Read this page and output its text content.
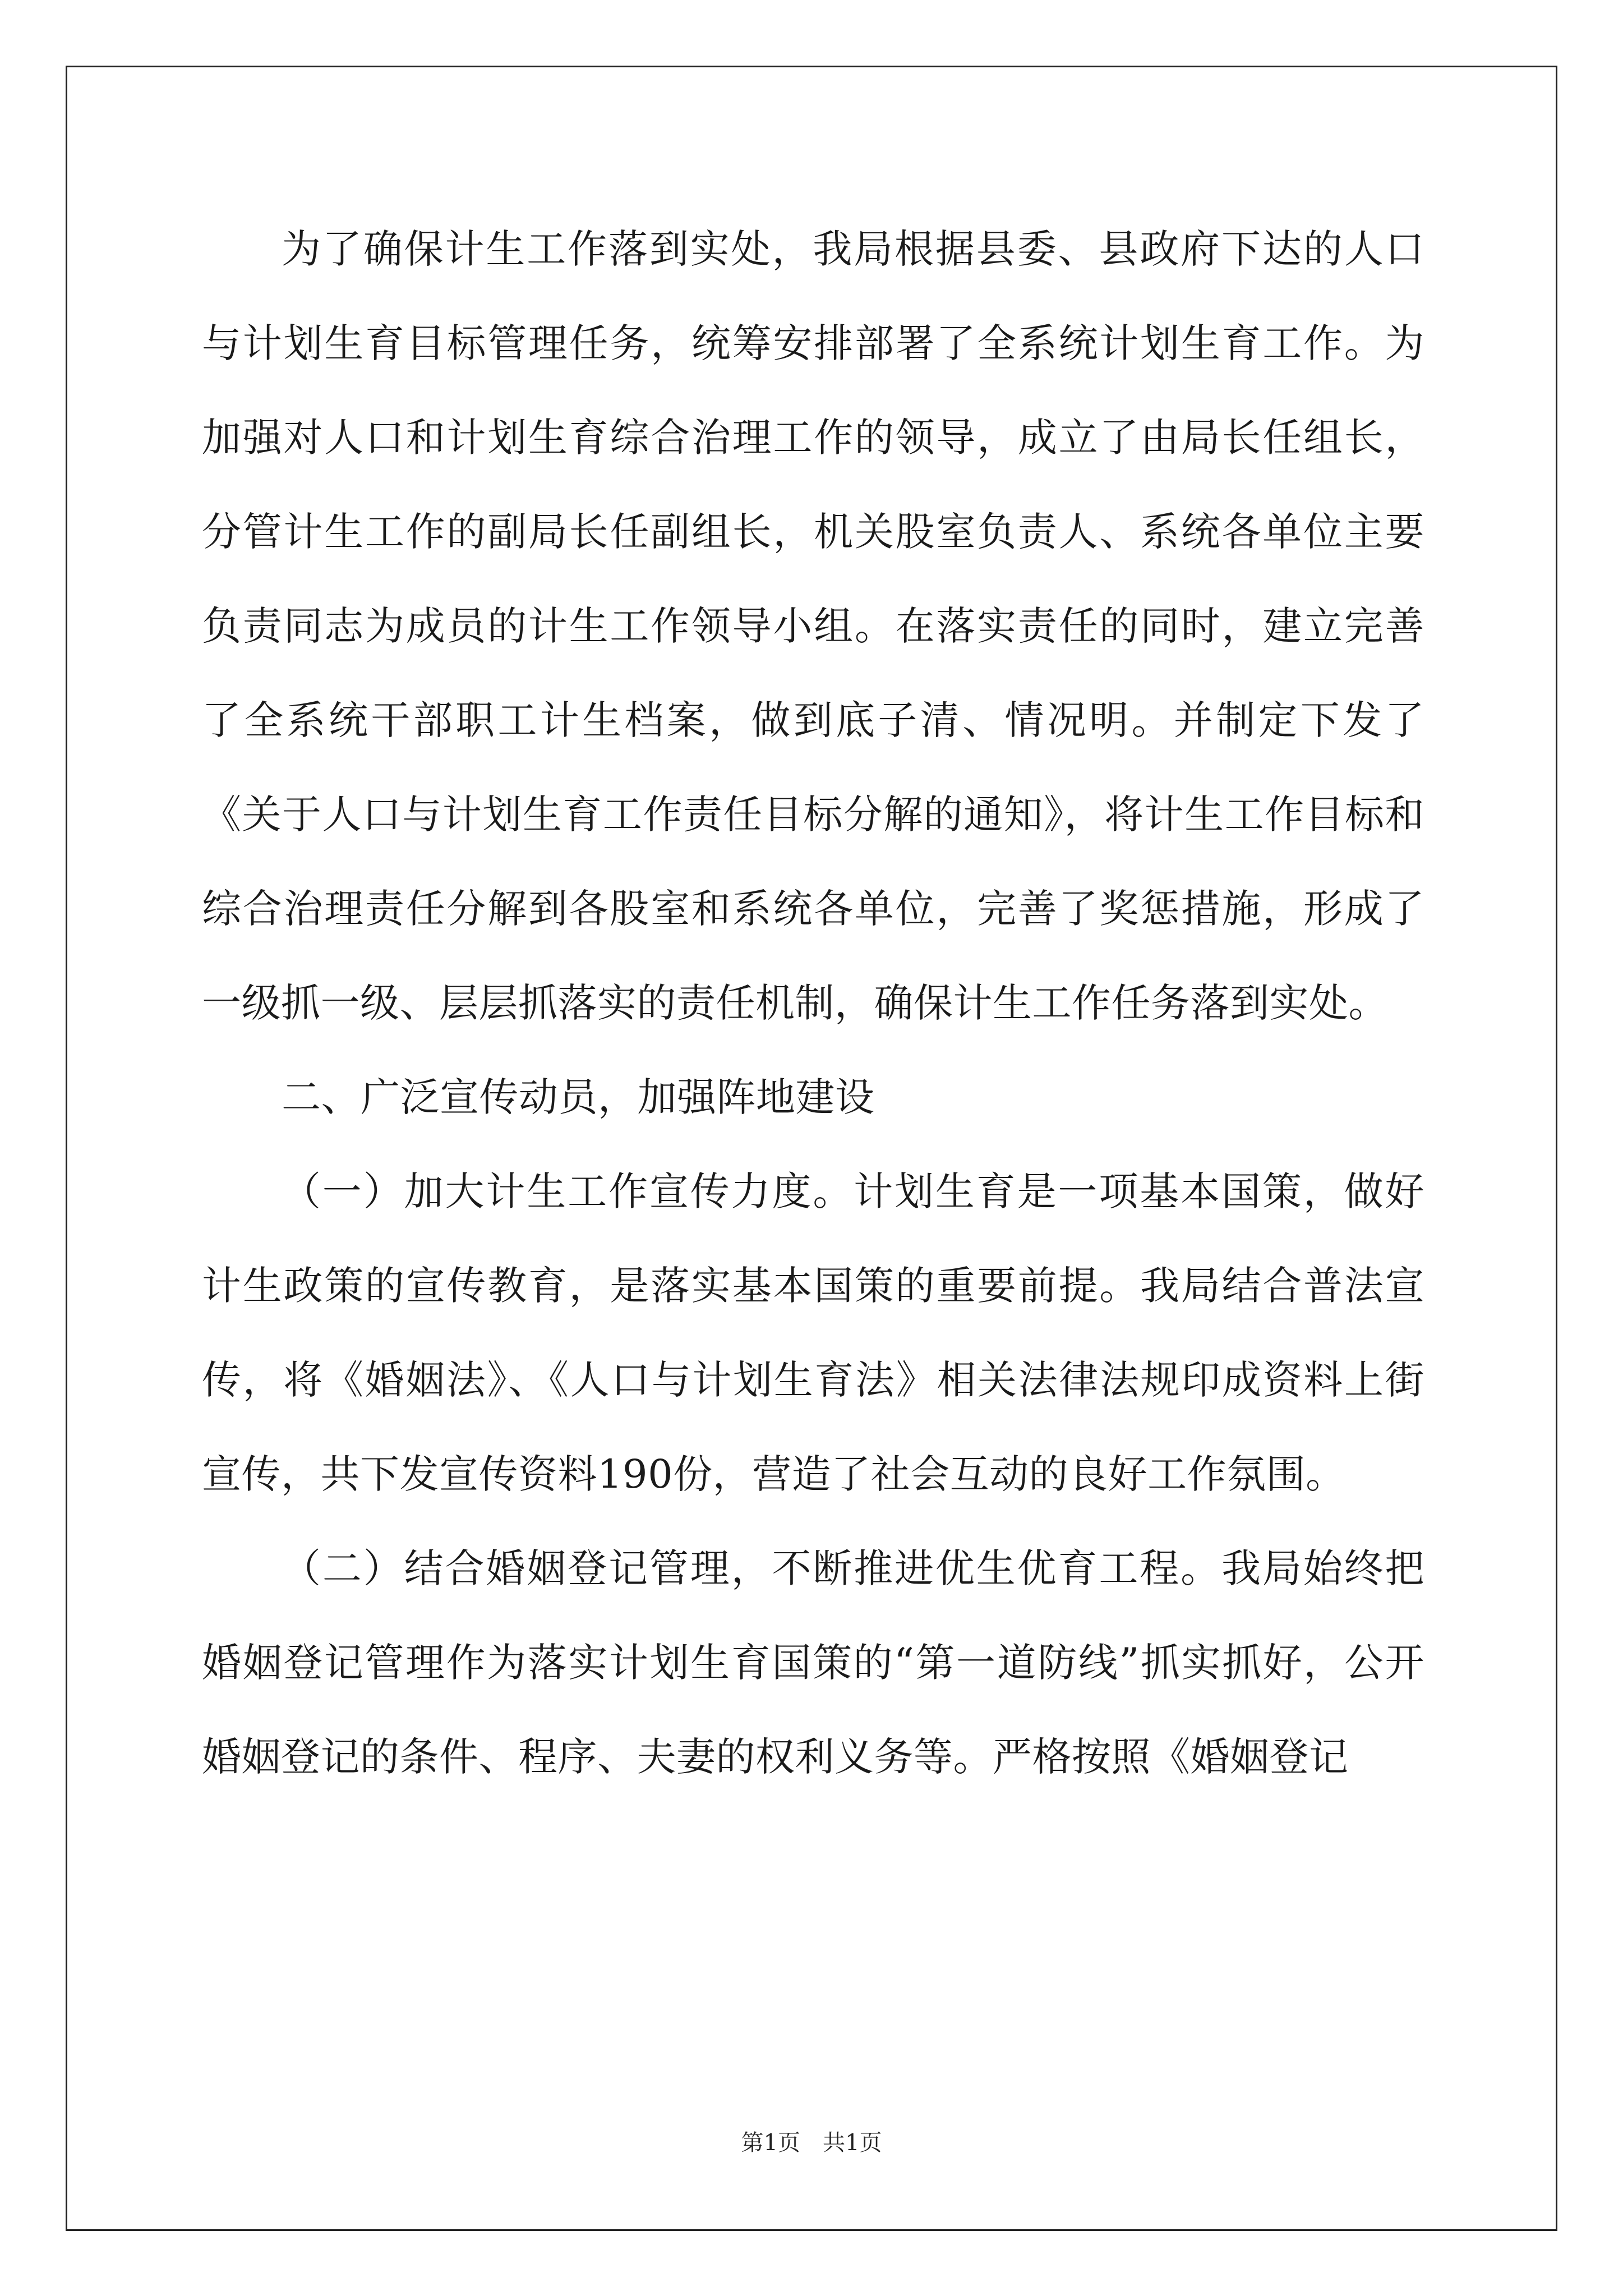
为了确保计生工作落到实处，我局根据县委、县政府下达的人口与计划生育目标管理任务，统筹安排部署了全系统计划生育工作。为加强对人口和计划生育综合治理工作的领导，成立了由局长任组长，分管计生工作的副局长任副组长，机关股室负责人、系统各单位主要负责同志为成员的计生工作领导小组。在落实责任的同时，建立完善了全系统干部职工计生档案，做到底子清、情况明。并制定下发了《关于人口与计划生育工作责任目标分解的通知》，将计生工作目标和综合治理责任分解到各股室和系统各单位，完善了奖惩措施，形成了一级抓一级、层层抓落实的责任机制，确保计生工作任务落到实处。

二、广泛宣传动员，加强阵地建设

（一）加大计生工作宣传力度。计划生育是一项基本国策，做好计生政策的宣传教育，是落实基本国策的重要前提。我局结合普法宣传，将《婚姻法》、《人口与计划生育法》相关法律法规印成资料上街宣传，共下发宣传资料190份，营造了社会互动的良好工作氛围。

（二）结合婚姻登记管理，不断推进优生优育工程。我局始终把婚姻登记管理作为落实计划生育国策的“第一道防线”抓实抓好，公开婚姻登记的条件、程序、夫妻的权利义务等。严格按照《婚姻登记

第1页 共1页
